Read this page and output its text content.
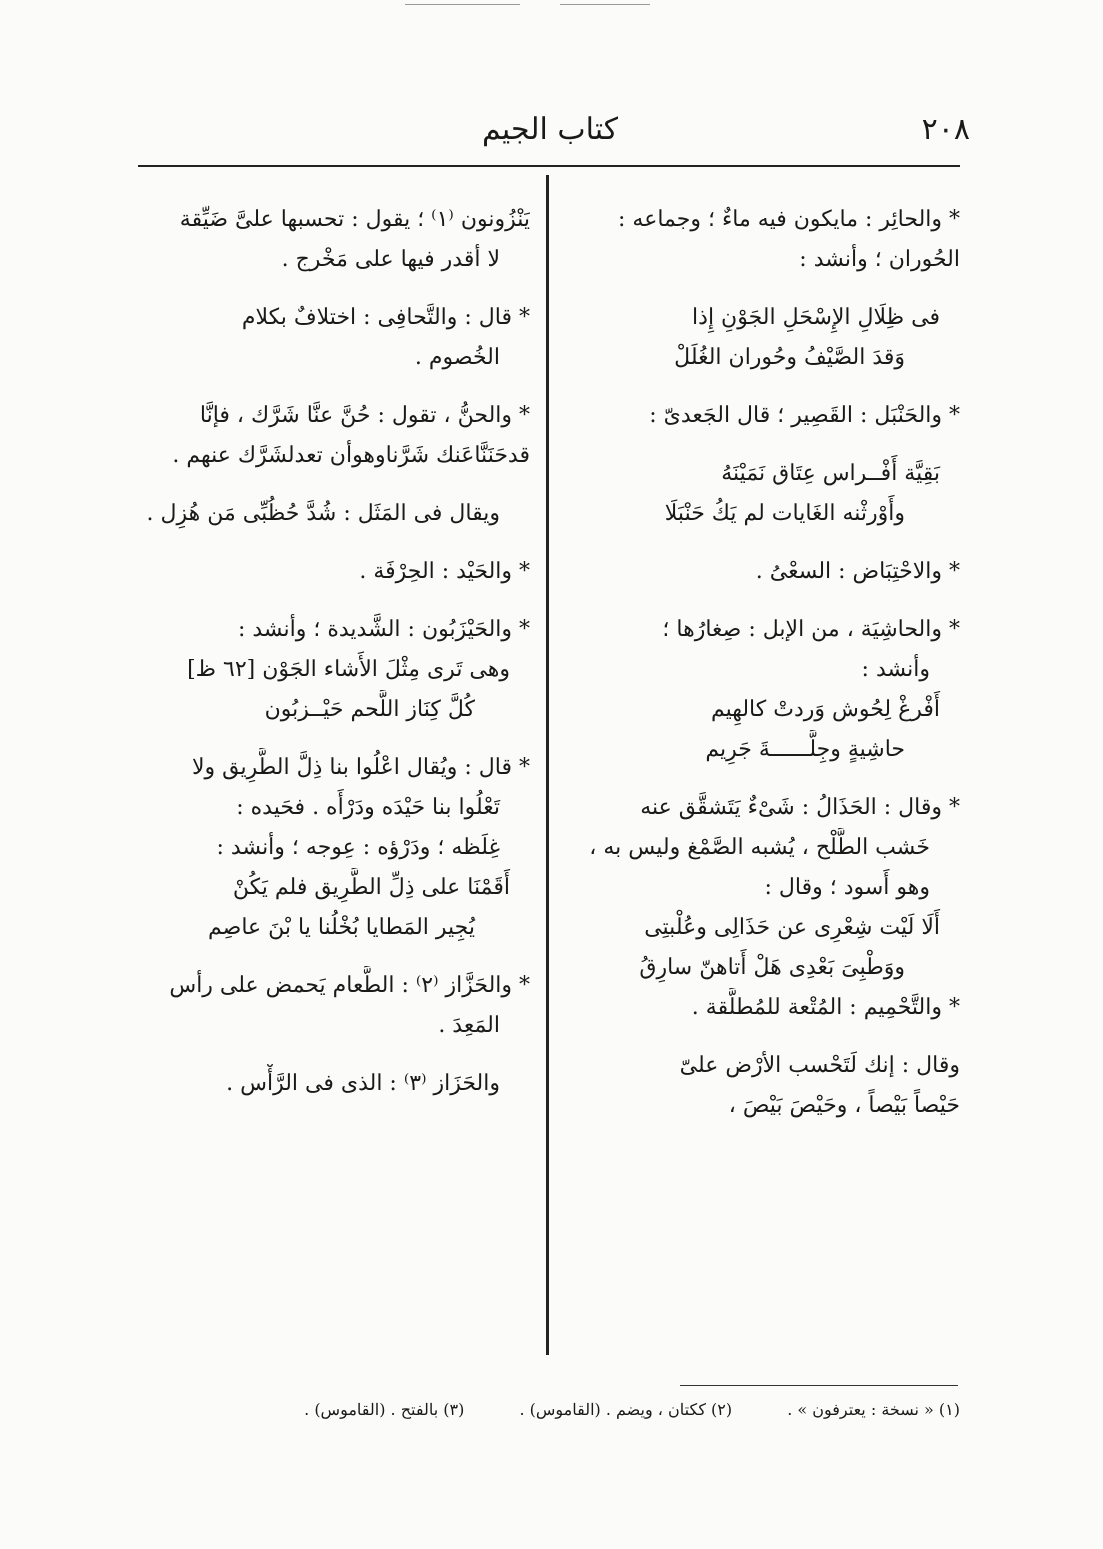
٢٠٨
كتاب الجيم
* والحائِر : مايكون فيه ماءٌ ؛ وجماعه :
الحُوران ؛ وأنشد :
فى ظِلَالِ الإِسْحَلِ الجَوْنِ إِذا
وَقدَ الصَّيْفُ وحُوران الغُلَلْ
* والحَنْبَل : القَصِير ؛ قال الجَعدىّ :
بَقِيَّة أَفْــراس عِتَاق نَمَيْنَهُ
وأَوْرثْنه الغَايات لم يَكُ حَنْبَلَا
* والاحْتِبَاض : السعْىُ .
* والحاشِيَة ، من الإبل : صِغارُها ؛
وأنشد :
أَفْرغْ لِحُوش وَردتْ كالهِيم
حاشِيةٍ وجِلَّــــــةَ جَرِيم
* وقال : الحَذَالُ : شَىْءٌ يَتَشقَّق عنه
خَشب الطَّلْح ، يُشبه الصَّمْغ وليس به ،
وهو أَسود ؛ وقال :
أَلَا لَيْت شِعْرِى عن حَذَالِى وعُلْبتِى
ووَطْبِىَ بَعْدِى هَلْ أَتاهنّ سارِقُ
* والتَّحْمِيم : المُتْعة للمُطلَّقة .
وقال : إنك لَتَحْسب الأرْض علىّ
حَيْصاً بَيْصاً ، وحَيْصَ بَيْصَ ،
يَنْزُونون ⁽١⁾ ؛ يقول : تحسبها علىَّ ضَيِّقة
لا أقدر فيها على مَخْرج .
* قال : والتَّحافِى : اختلافٌ بكلام
الخُصوم .
* والحنُّ ، تقول : حُنَّ عنَّا شَرَّك ، فإنَّا
قدحَنَنَّاعَنك شَرَّناوهوأن تعدلشَرَّك عنهم .
ويقال فى المَثَل : شُدَّ حُظُبِّى مَن هُزِل .
* والحَيْد : الحِرْفَة .
* والحَيْزَبُون : الشَّديدة ؛ وأنشد :
وهى تَرى مِثْلَ الأَشاء الجَوْن [٦٢ ظ]
كُلَّ كِنَاز اللَّحم حَيْــزبُون
* قال : ويُقال اعْلُوا بنا ذِلَّ الطَّرِيق ولا
تَعْلُوا بنا حَيْدَه ودَرْأَه . فحَيده :
غِلَظه ؛ ودَرْؤه : عِوجه ؛ وأنشد :
أَقَمْنَا على ذِلِّ الطَّرِيق فلم يَكُنْ
يُجِير المَطايا بُخْلُنا يا بْنَ عاصِم
* والحَزَّاز ⁽٢⁾ : الطَّعام يَحمض على رأس
المَعِدَ .
والحَزَاز ⁽٣⁾ : الذى فى الرَّأْس .
(١) « نسخة : يعترفون » . (٢) ككتان ، ويضم . (القاموس) . (٣) بالفتح . (القاموس) .
